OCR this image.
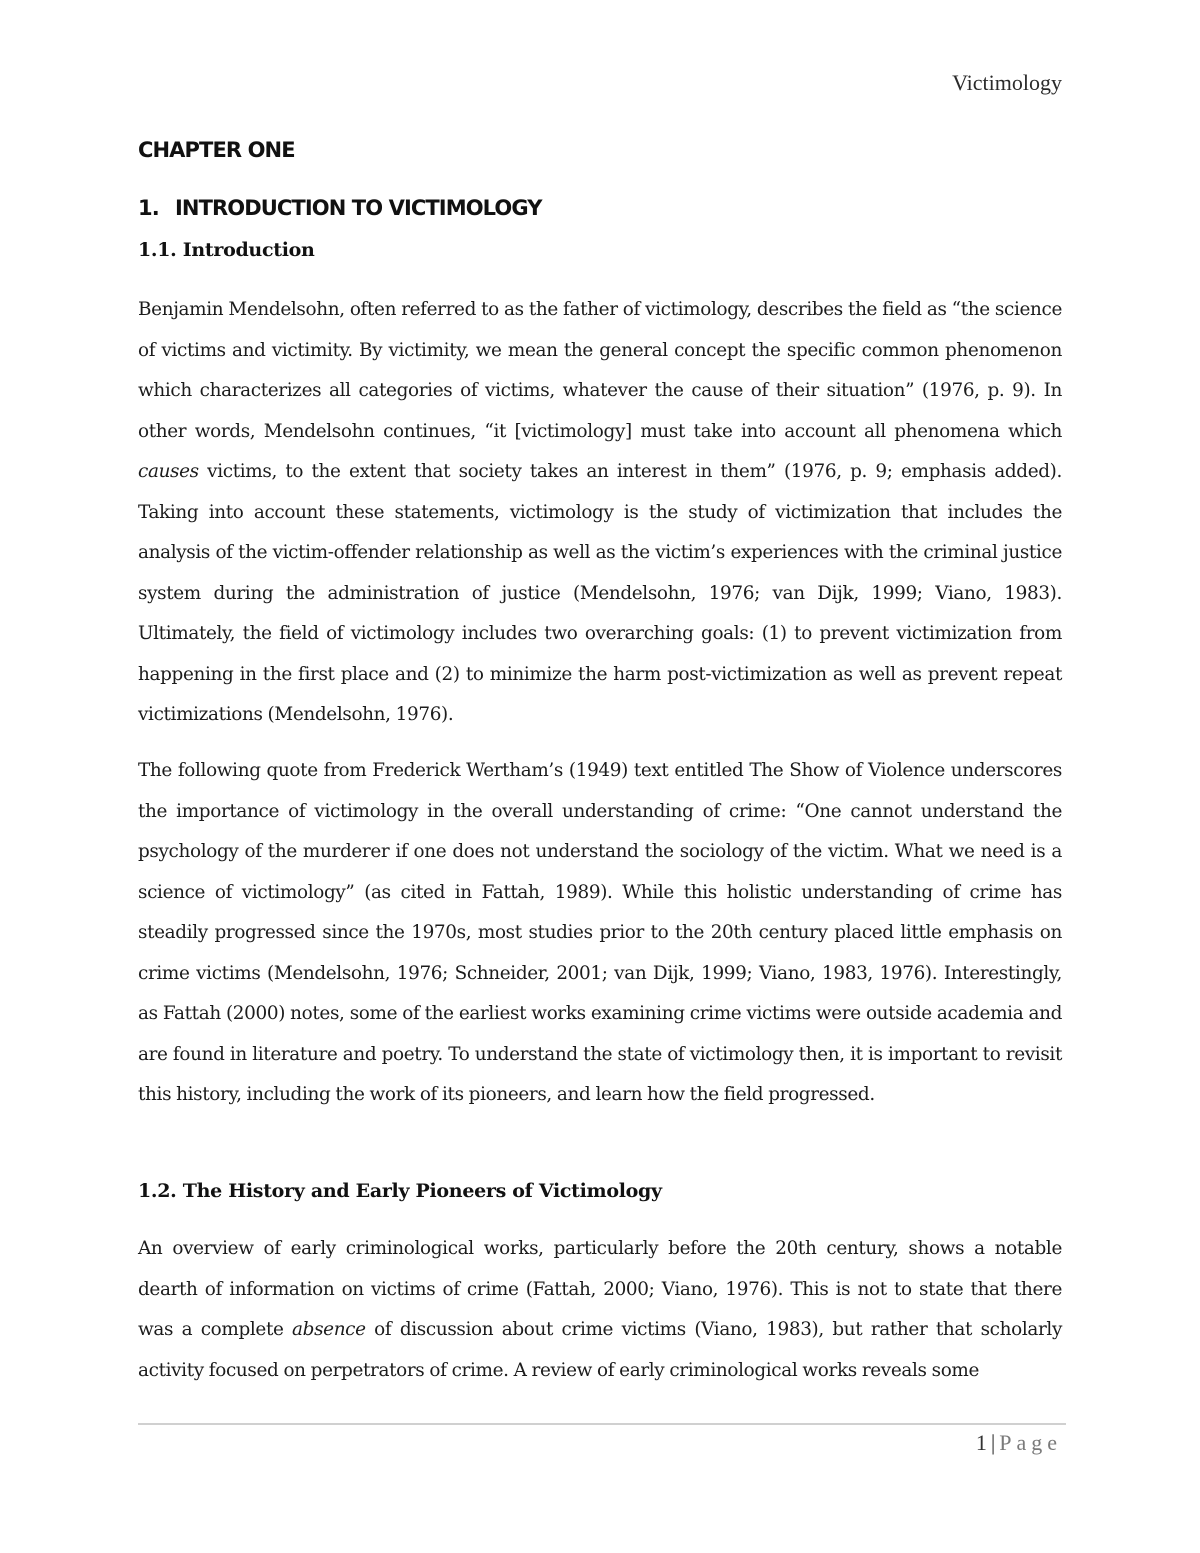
Victimology
CHAPTER ONE
1. INTRODUCTION TO VICTIMOLOGY
1.1. Introduction

Benjamin Mendelsohn, often referred to as the father of victimology, describes the field as “the science of victims and victimity. By victimity, we mean the general concept the specific common phenomenon which characterizes all categories of victims, whatever the cause of their situation” (1976, p. 9). In other words, Mendelsohn continues, “it [victimology] must take into account all phenomena which causes victims, to the extent that society takes an interest in them” (1976, p. 9; emphasis added). Taking into account these statements, victimology is the study of victimization that includes the analysis of the victim-offender relationship as well as the victim’s experiences with the criminal justice system during the administration of justice (Mendelsohn, 1976; van Dijk, 1999; Viano, 1983). Ultimately, the field of victimology includes two overarching goals: (1) to prevent victimization from happening in the first place and (2) to minimize the harm post-victimization as well as prevent repeat victimizations (Mendelsohn, 1976).

The following quote from Frederick Wertham’s (1949) text entitled The Show of Violence underscores the importance of victimology in the overall understanding of crime: “One cannot understand the psychology of the murderer if one does not understand the sociology of the victim. What we need is a science of victimology” (as cited in Fattah, 1989). While this holistic understanding of crime has steadily progressed since the 1970s, most studies prior to the 20th century placed little emphasis on crime victims (Mendelsohn, 1976; Schneider, 2001; van Dijk, 1999; Viano, 1983, 1976). Interestingly, as Fattah (2000) notes, some of the earliest works examining crime victims were outside academia and are found in literature and poetry. To understand the state of victimology then, it is important to revisit this history, including the work of its pioneers, and learn how the field progressed.

1.2. The History and Early Pioneers of Victimology

An overview of early criminological works, particularly before the 20th century, shows a notable dearth of information on victims of crime (Fattah, 2000; Viano, 1976). This is not to state that there was a complete absence of discussion about crime victims (Viano, 1983), but rather that scholarly activity focused on perpetrators of crime. A review of early criminological works reveals some

1 | Page
